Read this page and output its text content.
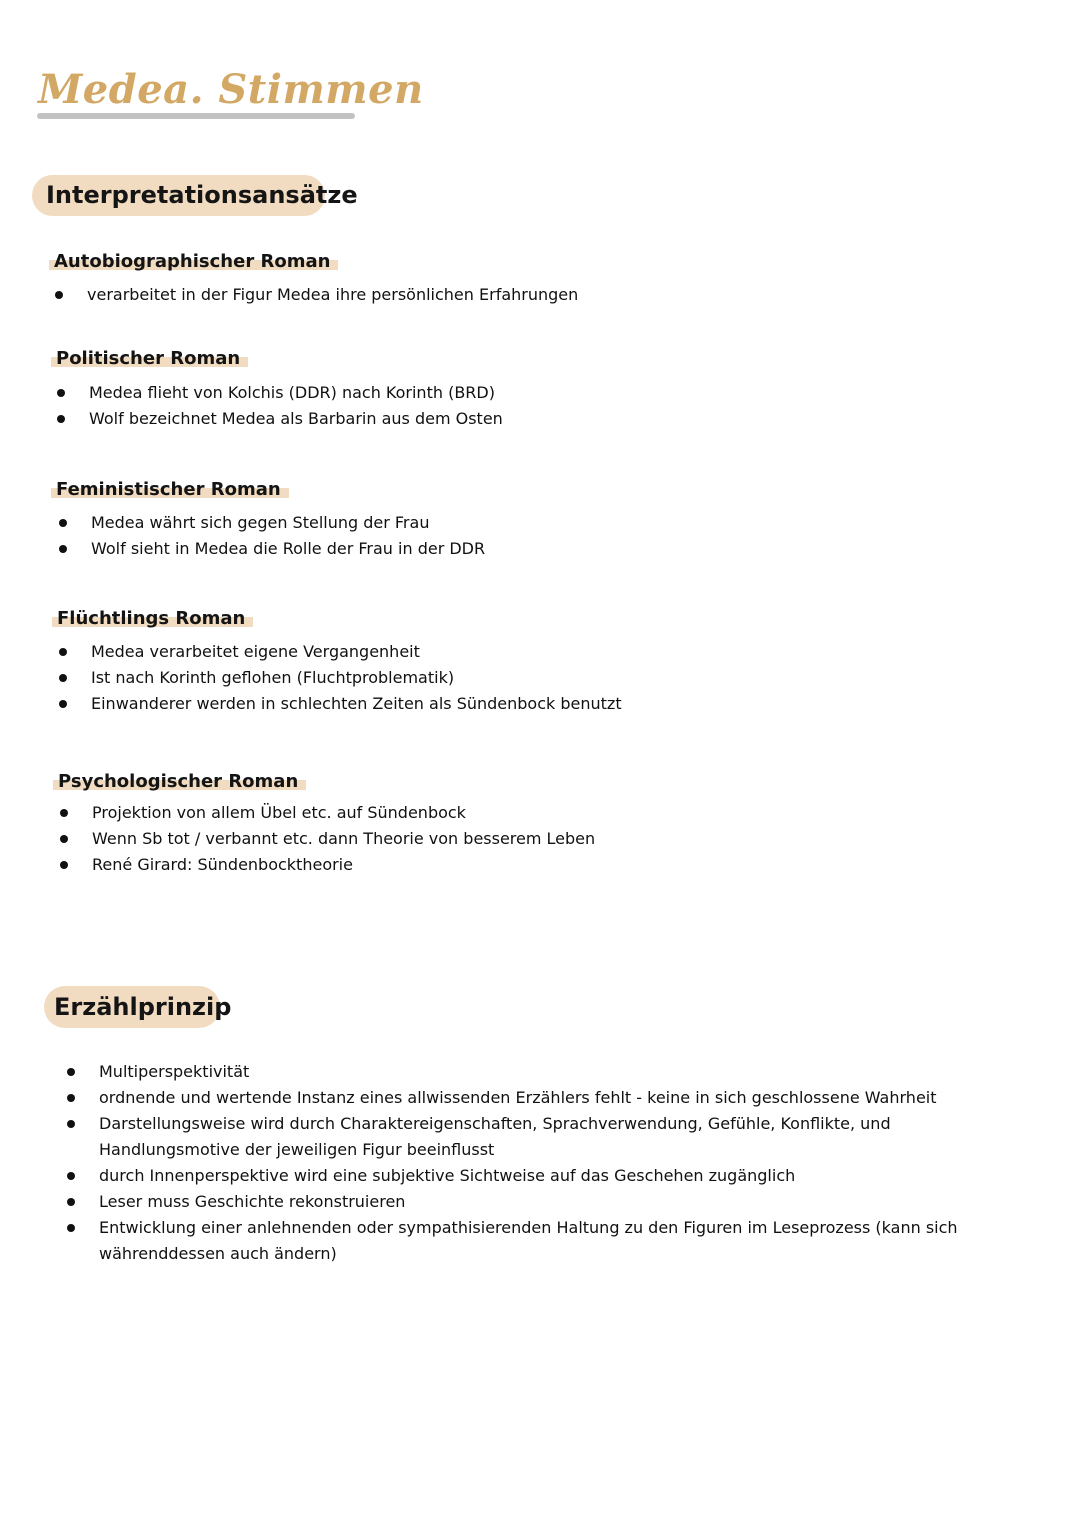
Medea. Stimmen
Interpretationsansätze
Autobiographischer Roman
verarbeitet in der Figur Medea ihre persönlichen Erfahrungen
Politischer Roman
Medea flieht von Kolchis (DDR) nach Korinth (BRD)
Wolf bezeichnet Medea als Barbarin aus dem Osten
Feministischer Roman
Medea währt sich gegen Stellung der Frau
Wolf sieht in Medea die Rolle der Frau in der DDR
Flüchtlings Roman
Medea verarbeitet eigene Vergangenheit
Ist nach Korinth geflohen (Fluchtproblematik)
Einwanderer werden in schlechten Zeiten als Sündenbock benutzt
Psychologischer Roman
Projektion von allem Übel etc. auf Sündenbock
Wenn Sb tot / verbannt etc. dann Theorie von besserem Leben
René Girard: Sündenbocktheorie
Erzählprinzip
Multiperspektivität
ordnende und wertende Instanz eines allwissenden Erzählers fehlt - keine in sich geschlossene Wahrheit
Darstellungsweise wird durch Charaktereigenschaften, Sprachverwendung, Gefühle, Konflikte, und Handlungsmotive der jeweiligen Figur beeinflusst
durch Innenperspektive wird eine subjektive Sichtweise auf das Geschehen zugänglich
Leser muss Geschichte rekonstruieren
Entwicklung einer anlehnenden oder sympathisierenden Haltung zu den Figuren im Leseprozess (kann sich währenddessen auch ändern)
